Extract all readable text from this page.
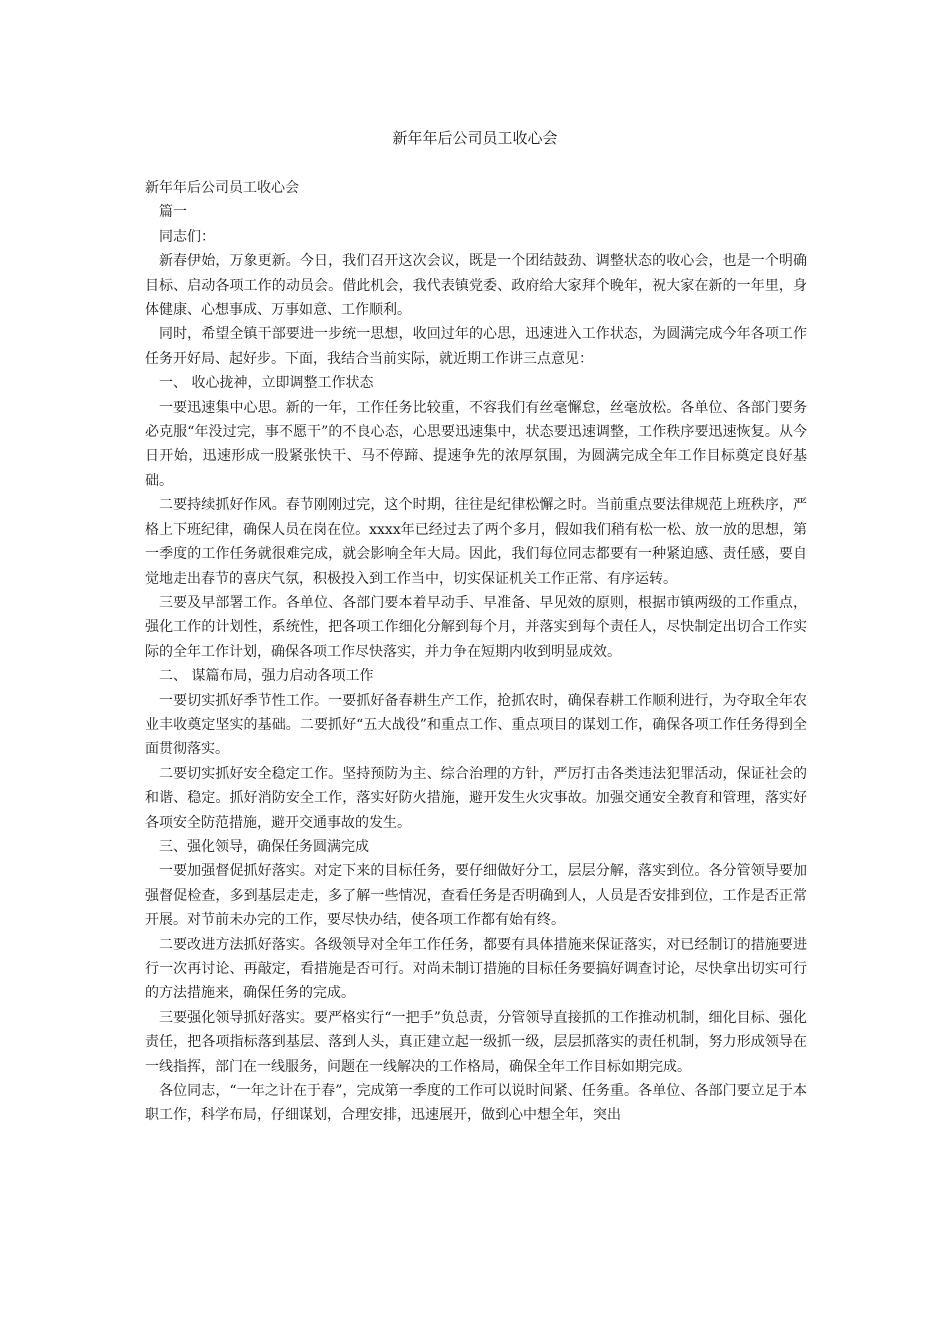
新年年后公司员工收心会

新年年后公司员工收心会

篇一

同志们：

新春伊始，万象更新。今日，我们召开这次会议，既是一个团结鼓劲、调整状态的收心会，也是一个明确目标、启动各项工作的动员会。借此机会，我代表镇党委、政府给大家拜个晚年，祝大家在新的一年里，身体健康、心想事成、万事如意、工作顺利。

同时，希望全镇干部要进一步统一思想，收回过年的心思，迅速进入工作状态，为圆满完成今年各项工作任务开好局、起好步。下面，我结合当前实际，就近期工作讲三点意见：

一、 收心拢神，立即调整工作状态

一要迅速集中心思。新的一年，工作任务比较重，不容我们有丝毫懈怠，丝毫放松。各单位、各部门要务必克服“年没过完，事不愿干”的不良心态，心思要迅速集中，状态要迅速调整，工作秩序要迅速恢复。从今日开始，迅速形成一股紧张快干、马不停蹄、提速争先的浓厚氛围，为圆满完成全年工作目标奠定良好基础。

二要持续抓好作风。春节刚刚过完，这个时期，往往是纪律松懈之时。当前重点要法律规范上班秩序，严格上下班纪律，确保人员在岗在位。xxxx年已经过去了两个多月，假如我们稍有松一松、放一放的思想，第一季度的工作任务就很难完成，就会影响全年大局。因此，我们每位同志都要有一种紧迫感、责任感，要自觉地走出春节的喜庆气氛，积极投入到工作当中，切实保证机关工作正常、有序运转。

三要及早部署工作。各单位、各部门要本着早动手、早准备、早见效的原则，根据市镇两级的工作重点，强化工作的计划性，系统性，把各项工作细化分解到每个月，并落实到每个责任人，尽快制定出切合工作实际的全年工作计划，确保各项工作尽快落实，并力争在短期内收到明显成效。

二、 谋篇布局，强力启动各项工作

一要切实抓好季节性工作。一要抓好备春耕生产工作，抢抓农时，确保春耕工作顺利进行，为夺取全年农业丰收奠定坚实的基础。二要抓好“五大战役”和重点工作、重点项目的谋划工作，确保各项工作任务得到全面贯彻落实。

二要切实抓好安全稳定工作。坚持预防为主、综合治理的方针，严厉打击各类违法犯罪活动，保证社会的和谐、稳定。抓好消防安全工作，落实好防火措施，避开发生火灾事故。加强交通安全教育和管理，落实好各项安全防范措施，避开交通事故的发生。

三、强化领导，确保任务圆满完成

一要加强督促抓好落实。对定下来的目标任务，要仔细做好分工，层层分解，落实到位。各分管领导要加强督促检查，多到基层走走，多了解一些情况，查看任务是否明确到人，人员是否安排到位，工作是否正常开展。对节前未办完的工作，要尽快办结，使各项工作都有始有终。

二要改进方法抓好落实。各级领导对全年工作任务，都要有具体措施来保证落实，对已经制订的措施要进行一次再讨论、再敲定，看措施是否可行。对尚未制订措施的目标任务要搞好调查讨论，尽快拿出切实可行的方法措施来，确保任务的完成。

三要强化领导抓好落实。要严格实行“一把手”负总责，分管领导直接抓的工作推动机制，细化目标、强化责任，把各项指标落到基层、落到人头，真正建立起一级抓一级，层层抓落实的责任机制，努力形成领导在一线指挥，部门在一线服务，问题在一线解决的工作格局，确保全年工作目标如期完成。

各位同志，“一年之计在于春”，完成第一季度的工作可以说时间紧、任务重。各单位、各部门要立足于本职工作，科学布局，仔细谋划，合理安排，迅速展开，做到心中想全年，突出
